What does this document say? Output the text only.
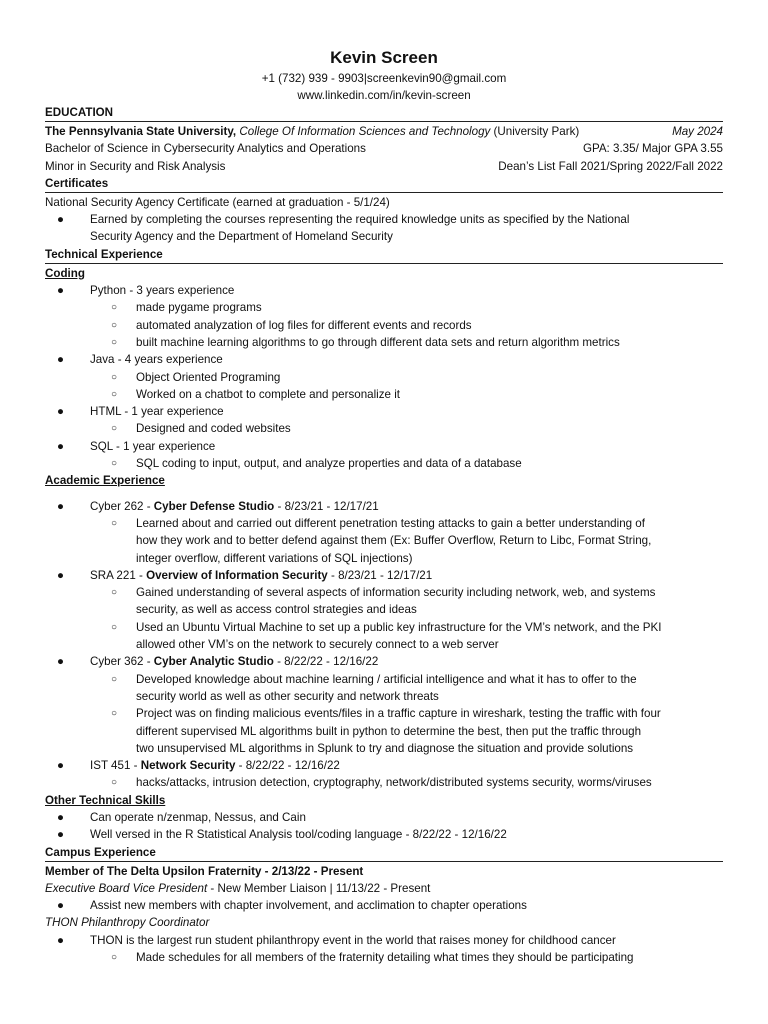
Kevin Screen
+1 (732) 939 - 9903|screenkevin90@gmail.com
www.linkedin.com/in/kevin-screen
EDUCATION
The Pennsylvania State University, College Of Information Sciences and Technology (University Park)	May 2024
Bachelor of Science in Cybersecurity Analytics and Operations	GPA: 3.35/ Major GPA 3.55
Minor in Security and Risk Analysis	Dean’s List Fall 2021/Spring 2022/Fall 2022
Certificates
National Security Agency Certificate (earned at graduation - 5/1/24)
● Earned by completing the courses representing the required knowledge units as specified by the National
Security Agency and the Department of Homeland Security
Technical Experience
Coding
● Python - 3 years experience
○ made pygame programs
○ automated analyzation of log files for different events and records
○ built machine learning algorithms to go through different data sets and return algorithm metrics
● Java - 4 years experience
○ Object Oriented Programing
○ Worked on a chatbot to complete and personalize it
● HTML - 1 year experience
○ Designed and coded websites
● SQL - 1 year experience
○ SQL coding to input, output, and analyze properties and data of a database
Academic Experience
● Cyber 262 - Cyber Defense Studio - 8/23/21 - 12/17/21
○ Learned about and carried out different penetration testing attacks to gain a better understanding of
how they work and to better defend against them (Ex: Buffer Overflow, Return to Libc, Format String,
integer overflow, different variations of SQL injections)
● SRA 221 - Overview of Information Security - 8/23/21 - 12/17/21
○ Gained understanding of several aspects of information security including network, web, and systems
security, as well as access control strategies and ideas
○ Used an Ubuntu Virtual Machine to set up a public key infrastructure for the VM’s network, and the PKI
allowed other VM’s on the network to securely connect to a web server
● Cyber 362 - Cyber Analytic Studio - 8/22/22 - 12/16/22
○ Developed knowledge about machine learning / artificial intelligence and what it has to offer to the
security world as well as other security and network threats
○ Project was on finding malicious events/files in a traffic capture in wireshark, testing the traffic with four
different supervised ML algorithms built in python to determine the best, then put the traffic through
two unsupervised ML algorithms in Splunk to try and diagnose the situation and provide solutions
● IST 451 - Network Security - 8/22/22 - 12/16/22
○ hacks/attacks, intrusion detection, cryptography, network/distributed systems security, worms/viruses
Other Technical Skills
● Can operate n/zenmap, Nessus, and Cain
● Well versed in the R Statistical Analysis tool/coding language - 8/22/22 - 12/16/22
Campus Experience
Member of The Delta Upsilon Fraternity - 2/13/22 - Present
Executive Board Vice President - New Member Liaison | 11/13/22 - Present
● Assist new members with chapter involvement, and acclimation to chapter operations
THON Philanthropy Coordinator
● THON is the largest run student philanthropy event in the world that raises money for childhood cancer
○ Made schedules for all members of the fraternity detailing what times they should be participating
